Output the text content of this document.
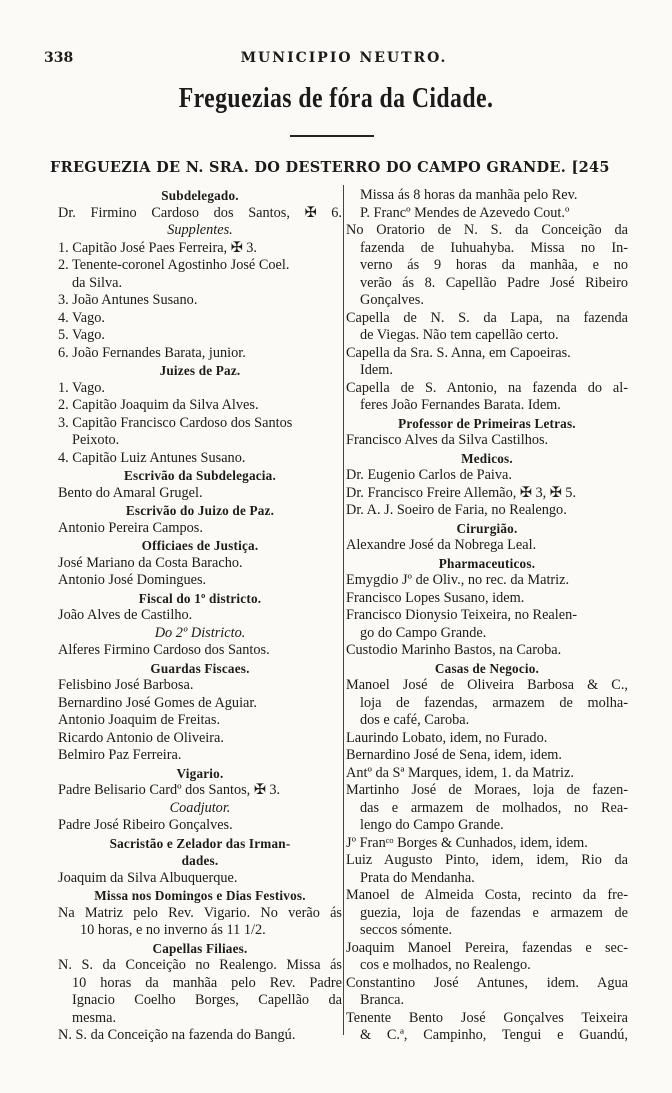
338	MUNICIPIO NEUTRO.
Freguezias de fóra da Cidade.
FREGUEZIA DE N. SRA. DO DESTERRO DO CAMPO GRANDE. [245
Subdelegado.
Dr. Firmino Cardoso dos Santos, ✠ 6.
Supplentes.
1. Capitão José Paes Ferreira, ✠ 3.
2. Tenente-coronel Agostinho José Coel.
da Silva.
3. João Antunes Susano.
4. Vago.
5. Vago.
6. João Fernandes Barata, junior.
Juizes de Paz.
1. Vago.
2. Capitão Joaquim da Silva Alves.
3. Capitão Francisco Cardoso dos Santos
Peixoto.
4. Capitão Luiz Antunes Susano.
Escrivão da Subdelegacia.
Bento do Amaral Grugel.
Escrivão do Juizo de Paz.
Antonio Pereira Campos.
Officiaes de Justiça.
José Mariano da Costa Baracho.
Antonio José Domingues.
Fiscal do 1º districto.
João Alves de Castilho.
Do 2º Districto.
Alferes Firmino Cardoso dos Santos.
Guardas Fiscaes.
Felisbino José Barbosa.
Bernardino José Gomes de Aguiar.
Antonio Joaquim de Freitas.
Ricardo Antonio de Oliveira.
Belmiro Paz Ferreira.
Vigario.
Padre Belisario Cardº dos Santos, ✠ 3.
Coadjutor.
Padre José Ribeiro Gonçalves.
Sacristão e Zelador das Irman-
dades.
Joaquim da Silva Albuquerque.
Missa nos Domingos e Dias Festivos.
Na Matriz pelo Rev. Vigario. No verão ás
10 horas, e no inverno ás 11 1/2.
Capellas Filiaes.
N. S. da Conceição no Realengo. Missa ás
10 horas da manhãa pelo Rev. Padre
Ignacio Coelho Borges, Capellão da
mesma.
N. S. da Conceição na fazenda do Bangú.
Missa ás 8 horas da manhãa pelo Rev.
P. Francº Mendes de Azevedo Cout.º
No Oratorio de N. S. da Conceição da
fazenda de Iuhuahyba. Missa no In-
verno ás 9 horas da manhãa, e no
verão ás 8. Capellão Padre José Ribeiro
Gonçalves.
Capella de N. S. da Lapa, na fazenda
de Viegas. Não tem capellão certo.
Capella da Sra. S. Anna, em Capoeiras.
Idem.
Capella de S. Antonio, na fazenda do al-
feres João Fernandes Barata. Idem.
Professor de Primeiras Letras.
Francisco Alves da Silva Castilhos.
Medicos.
Dr. Eugenio Carlos de Paiva.
Dr. Francisco Freire Allemão, ✠ 3, ✠ 5.
Dr. A. J. Soeiro de Faria, no Realengo.
Cirurgião.
Alexandre José da Nobrega Leal.
Pharmaceuticos.
Emygdio Jº de Oliv., no rec. da Matriz.
Francisco Lopes Susano, idem.
Francisco Dionysio Teixeira, no Realen-
go do Campo Grande.
Custodio Marinho Bastos, na Caroba.
Casas de Negocio.
Manoel José de Oliveira Barbosa & C.,
loja de fazendas, armazem de molha-
dos e café, Caroba.
Laurindo Lobato, idem, no Furado.
Bernardino José de Sena, idem, idem.
Antº da Sª Marques, idem, 1. da Matriz.
Martinho José de Moraes, loja de fazen-
das e armazem de molhados, no Rea-
lengo do Campo Grande.
Jº Franᶜᵒ Borges & Cunhados, idem, idem.
Luiz Augusto Pinto, idem, idem, Rio da
Prata do Mendanha.
Manoel de Almeida Costa, recinto da fre-
guezia, loja de fazendas e armazem de
seccos sómente.
Joaquim Manoel Pereira, fazendas e sec-
cos e molhados, no Realengo.
Constantino José Antunes, idem. Agua
Branca.
Tenente Bento José Gonçalves Teixeira
& C.ª, Campinho, Tengui e Guandú,
